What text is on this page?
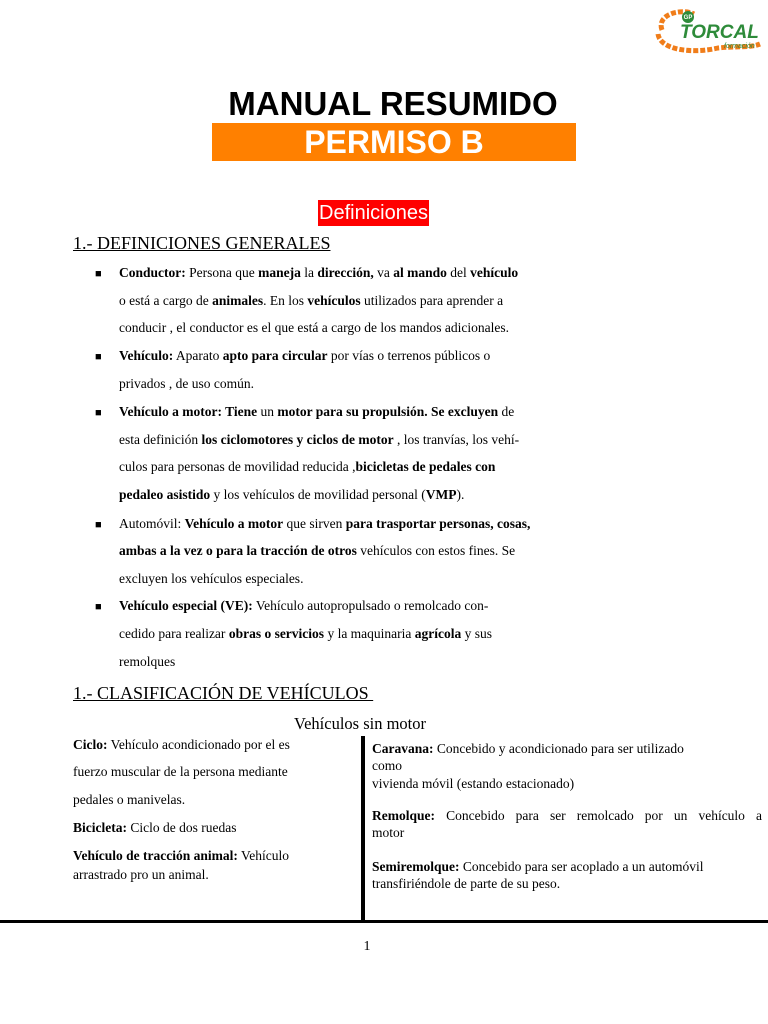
GP
TORCAL
formación
MANUAL RESUMIDO
PERMISO B
Definiciones
1.- DEFINICIONES GENERALES
■
■
■
■
■
Conductor: Persona que maneja la dirección, va al mando del vehículo
o está a cargo de animales. En los vehículos utilizados para aprender a
conducir , el conductor es el que está a cargo de los mandos adicionales.
Vehículo: Aparato apto para circular por vías o terrenos públicos o
privados , de uso común.
Vehículo a motor: Tiene un motor para su propulsión. Se excluyen de
esta definición los ciclomotores y ciclos de motor , los tranvías, los vehí-
culos para personas de movilidad reducida ,bicicletas de pedales con
pedaleo asistido y los vehículos de movilidad personal (VMP).
Automóvil: Vehículo a motor que sirven para trasportar personas, cosas,
ambas a la vez o para la tracción de otros vehículos con estos fines. Se
excluyen los vehículos especiales.
Vehículo especial (VE): Vehículo autopropulsado o remolcado con-
cedido para realizar obras o servicios y la maquinaria agrícola y sus
remolques
1.- CLASIFICACIÓN DE VEHÍCULOS
Vehículos sin motor
Ciclo: Vehículo acondicionado por el es
fuerzo muscular de la persona mediante
pedales o manivelas.
Bicicleta: Ciclo de dos ruedas
Vehículo de tracción animal: Vehículo
arrastrado pro un animal.
Caravana: Concebido y acondicionado para ser utilizado
como
vivienda móvil (estando estacionado)
Remolque: Concebido para ser remolcado por un vehículo a
motor
Semiremolque: Concebido para ser acoplado a un automóvil
transfiriéndole de parte de su peso.
1
